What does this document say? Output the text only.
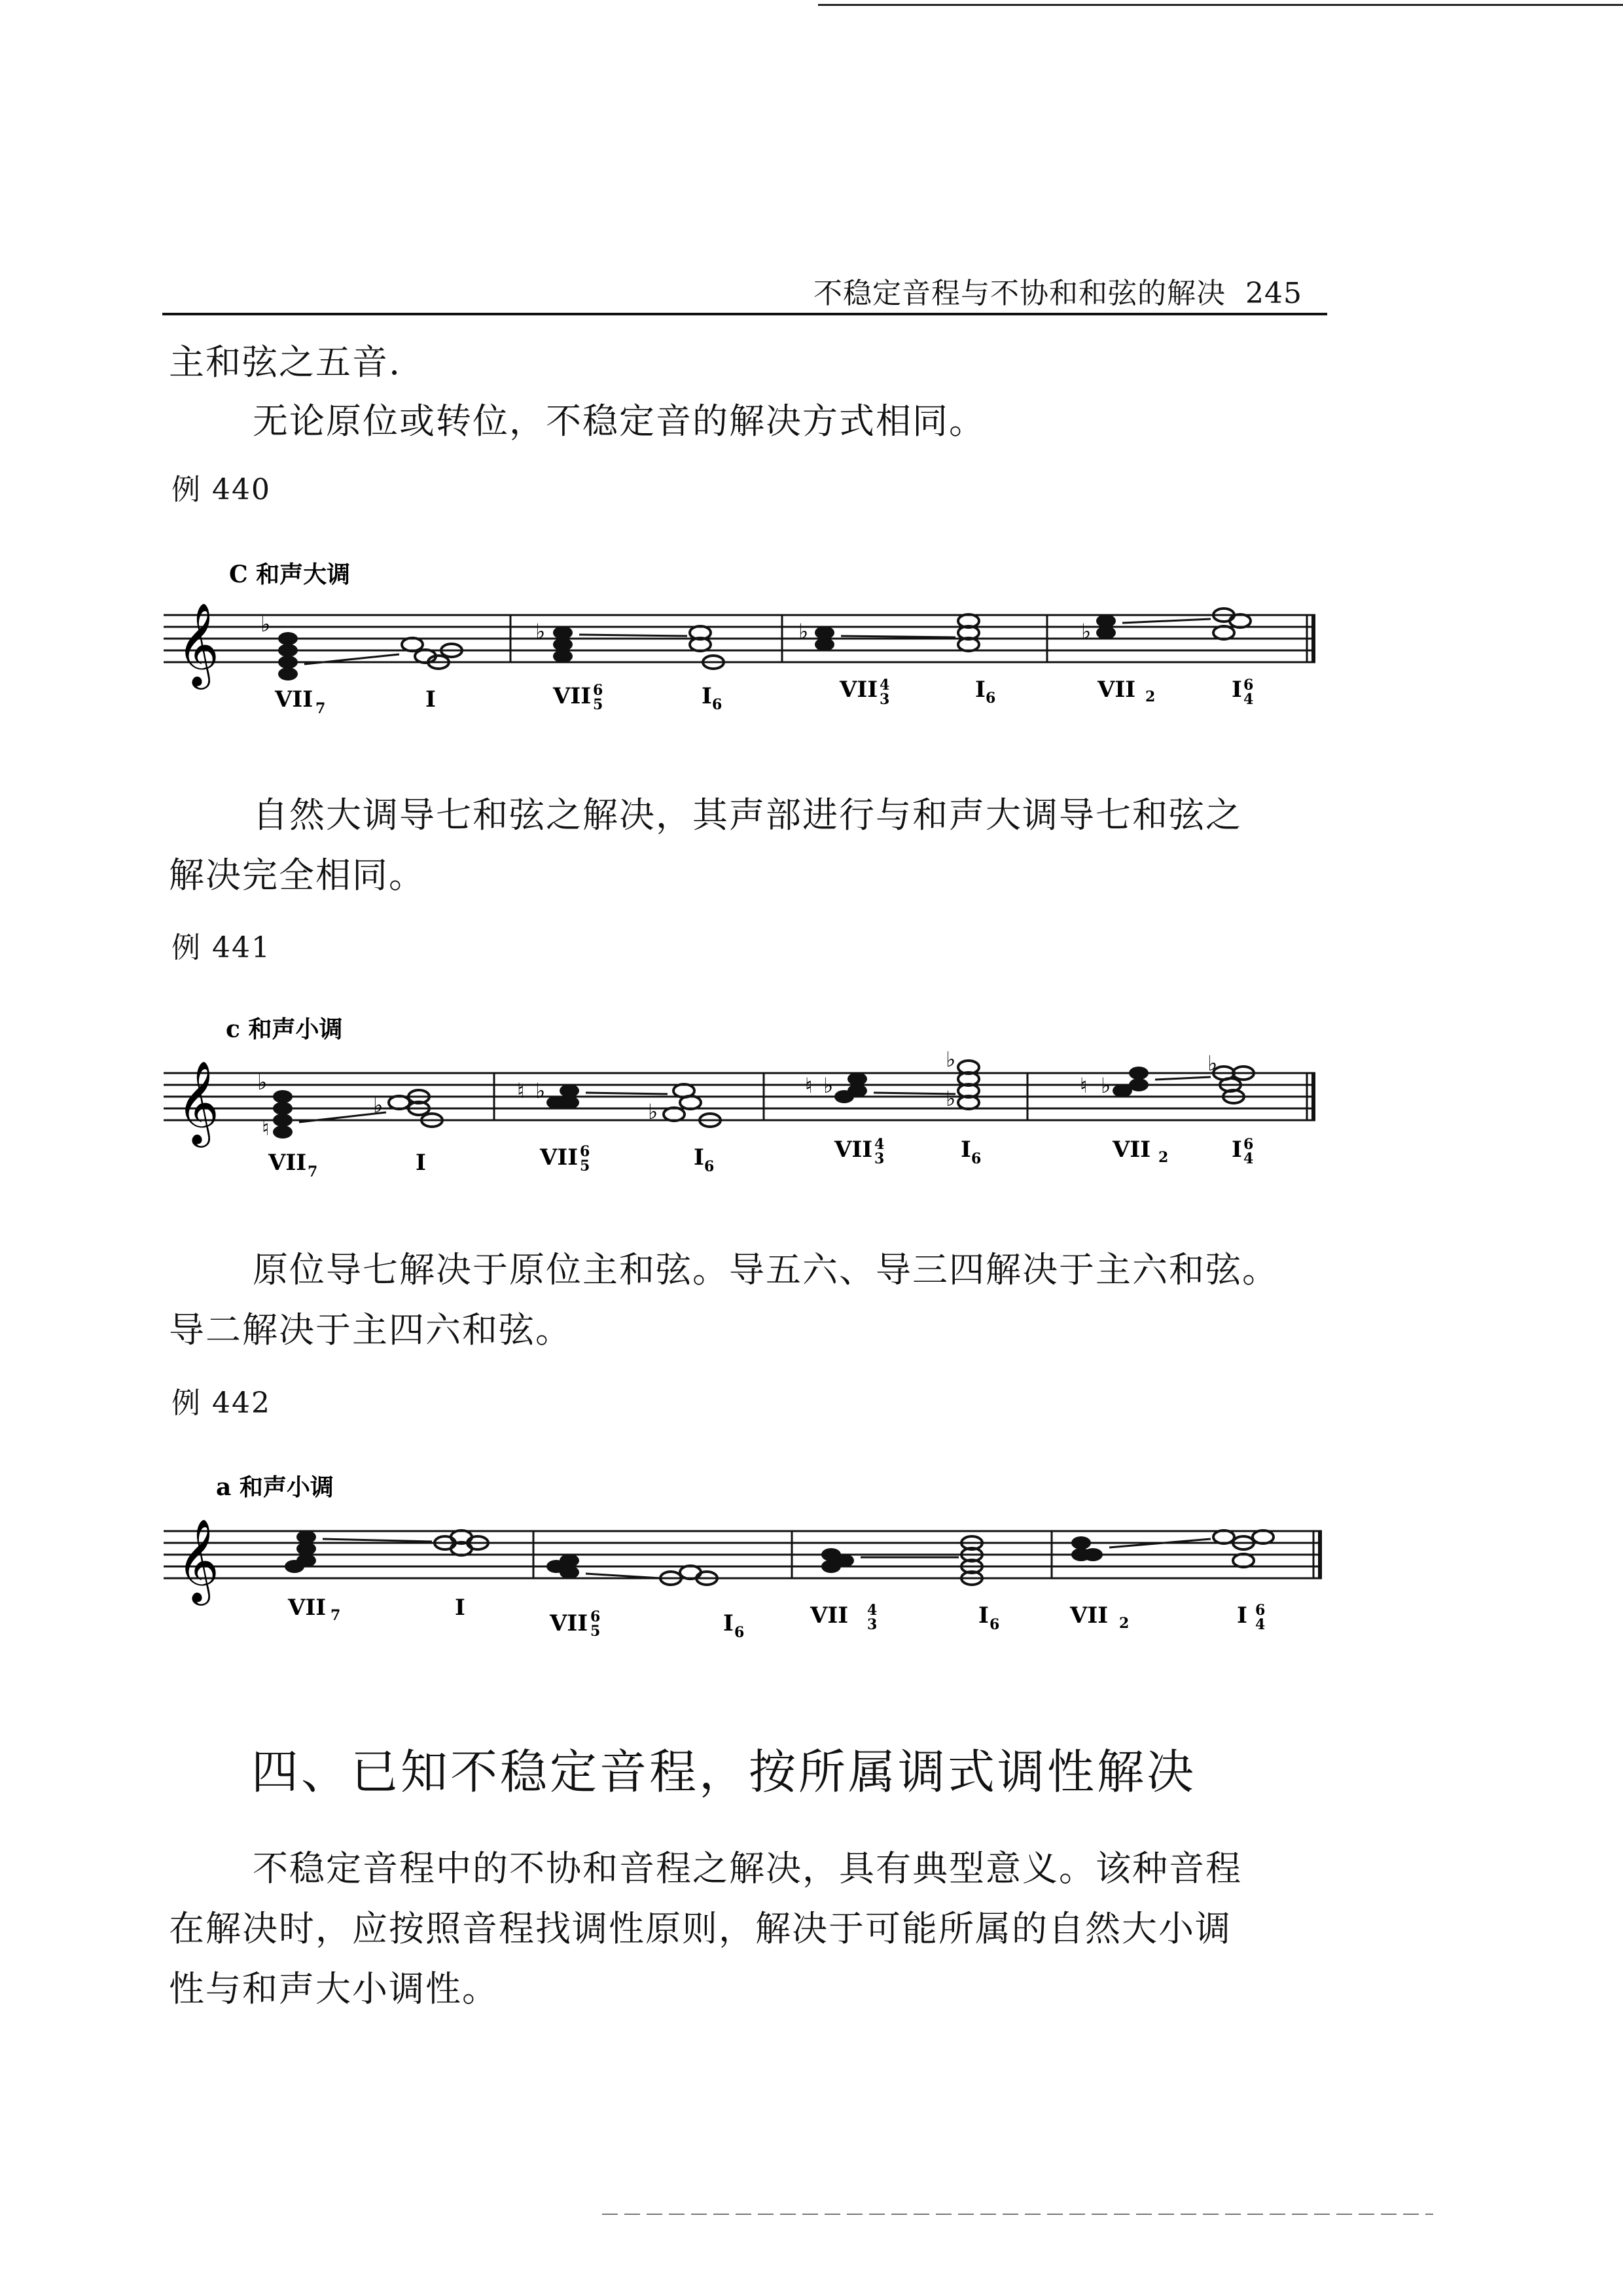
不稳定音程与不协和和弦的解决 245
主和弦之五音.
无论原位或转位，不稳定音的解决方式相同。
例 440
C 和声大调
𝄞 ♭	♭	♭	♭
VII 7	I	VII 6
5	I 6
VII 4
3	I 6	VII 2	I 6
4
自然大调导七和弦之解决，其声部进行与和声大调导七和弦之
解决完全相同。
例 441
c 和声小调
𝄞 ♭
♮
♭
♮ ♭
♭
♮ ♭
♭
♭
♮ ♭
♭
VII 7	I	VII 6
5	I 6
VII 4
3	I 6	VII 2	I 6
4
原位导七解决于原位主和弦。导五六、导三四解决于主六和弦。
导二解决于主四六和弦。
例 442
a 和声小调
𝄞
VII 7	I
VII 6
5	I 6
VII 4
3	I 6	VII 2	I 6
4
四、已知不稳定音程，按所属调式调性解决
不稳定音程中的不协和音程之解决，具有典型意义。该种音程
在解决时，应按照音程找调性原则，解决于可能所属的自然大小调
性与和声大小调性。
